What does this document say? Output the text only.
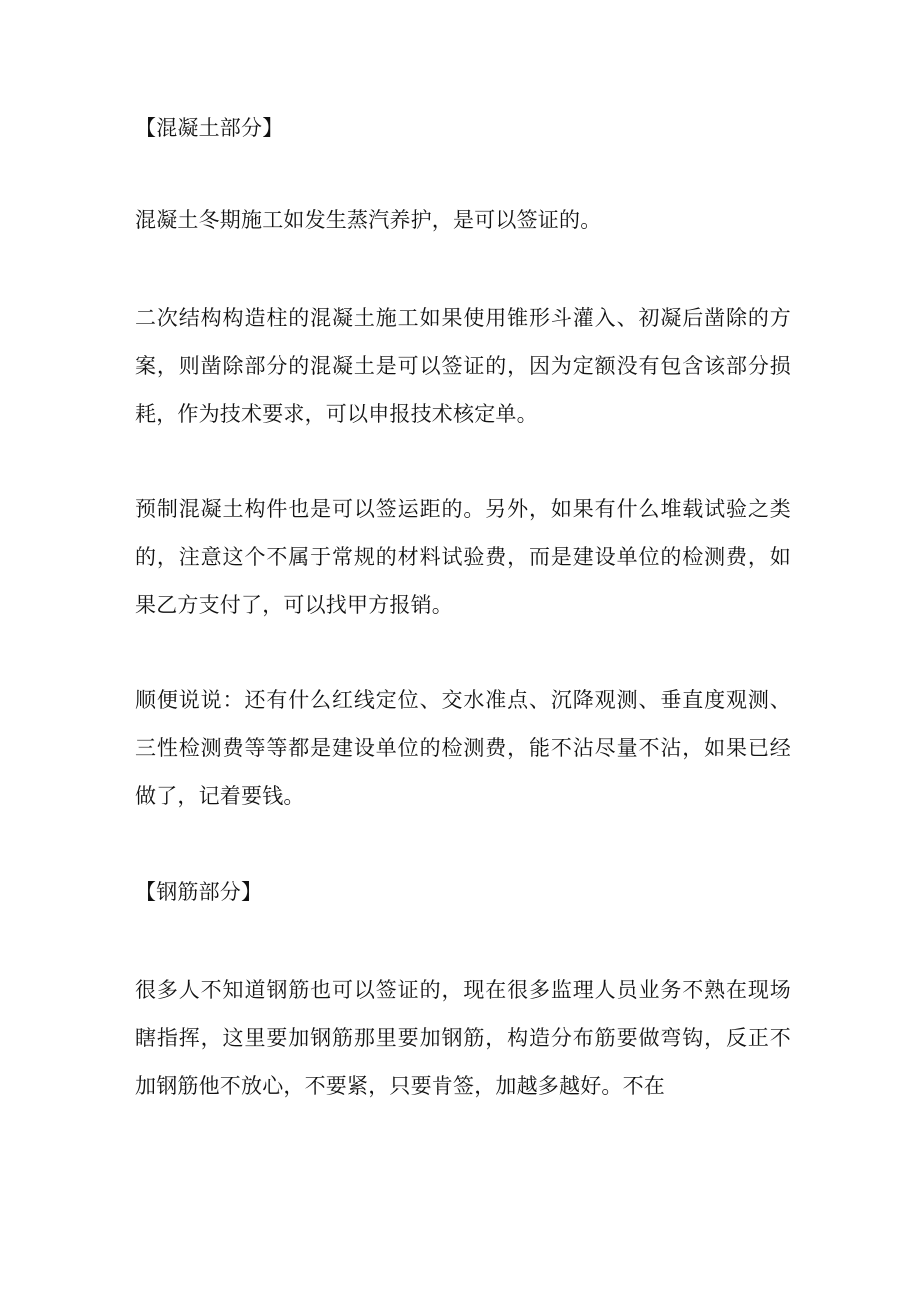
【混凝土部分】
混凝土冬期施工如发生蒸汽养护，是可以签证的。
二次结构构造柱的混凝土施工如果使用锥形斗灌入、初凝后凿除的方案，则凿除部分的混凝土是可以签证的，因为定额没有包含该部分损耗，作为技术要求，可以申报技术核定单。
预制混凝土构件也是可以签运距的。另外，如果有什么堆载试验之类的，注意这个不属于常规的材料试验费，而是建设单位的检测费，如果乙方支付了，可以找甲方报销。
顺便说说：还有什么红线定位、交水准点、沉降观测、垂直度观测、三性检测费等等都是建设单位的检测费，能不沾尽量不沾，如果已经做了，记着要钱。
【钢筋部分】
很多人不知道钢筋也可以签证的，现在很多监理人员业务不熟在现场瞎指挥，这里要加钢筋那里要加钢筋，构造分布筋要做弯钩，反正不加钢筋他不放心，不要紧，只要肯签，加越多越好。不在
